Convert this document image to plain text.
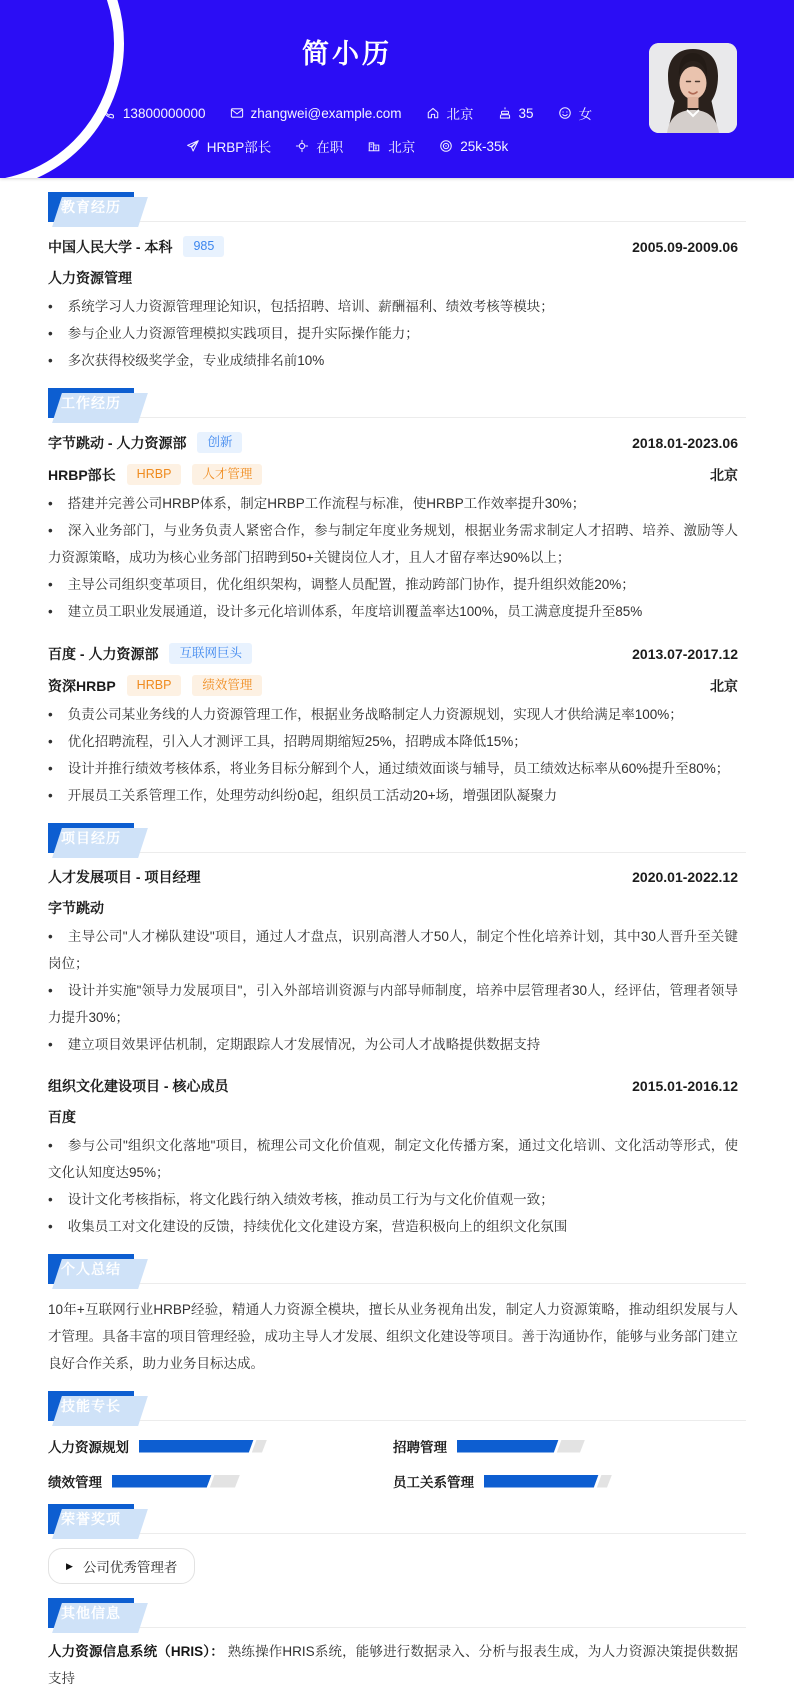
简小历
13800000000	zhangwei@example.com	北京	35	女
HRBP部长	在职	北京	25k-35k
教育经历
中国人民大学 - 本科	985	2005.09-2009.06
人力资源管理
• 系统学习人力资源管理理论知识，包括招聘、培训、薪酬福利、绩效考核等模块；
• 参与企业人力资源管理模拟实践项目，提升实际操作能力；
• 多次获得校级奖学金，专业成绩排名前10%
工作经历
字节跳动 - 人力资源部	创新	2018.01-2023.06
HRBP部长	HRBP	人才管理	北京
• 搭建并完善公司HRBP体系，制定HRBP工作流程与标准，使HRBP工作效率提升30%；
• 深入业务部门，与业务负责人紧密合作，参与制定年度业务规划，根据业务需求制定人才招聘、培养、激励等人力资源策略，成功为核心业务部门招聘到50+关键岗位人才，且人才留存率达90%以上；
• 主导公司组织变革项目，优化组织架构，调整人员配置，推动跨部门协作，提升组织效能20%；
• 建立员工职业发展通道，设计多元化培训体系，年度培训覆盖率达100%，员工满意度提升至85%
百度 - 人力资源部	互联网巨头	2013.07-2017.12
资深HRBP	HRBP	绩效管理	北京
• 负责公司某业务线的人力资源管理工作，根据业务战略制定人力资源规划，实现人才供给满足率100%；
• 优化招聘流程，引入人才测评工具，招聘周期缩短25%，招聘成本降低15%；
• 设计并推行绩效考核体系，将业务目标分解到个人，通过绩效面谈与辅导，员工绩效达标率从60%提升至80%；
• 开展员工关系管理工作，处理劳动纠纷0起，组织员工活动20+场，增强团队凝聚力
项目经历
人才发展项目 - 项目经理	2020.01-2022.12
字节跳动
• 主导公司"人才梯队建设"项目，通过人才盘点，识别高潜人才50人，制定个性化培养计划，其中30人晋升至关键岗位；
• 设计并实施"领导力发展项目"，引入外部培训资源与内部导师制度，培养中层管理者30人，经评估，管理者领导力提升30%；
• 建立项目效果评估机制，定期跟踪人才发展情况，为公司人才战略提供数据支持
组织文化建设项目 - 核心成员	2015.01-2016.12
百度
• 参与公司"组织文化落地"项目，梳理公司文化价值观，制定文化传播方案，通过文化培训、文化活动等形式，使文化认知度达95%；
• 设计文化考核指标，将文化践行纳入绩效考核，推动员工行为与文化价值观一致；
• 收集员工对文化建设的反馈，持续优化文化建设方案，营造积极向上的组织文化氛围
个人总结
10年+互联网行业HRBP经验，精通人力资源全模块，擅长从业务视角出发，制定人力资源策略，推动组织发展与人才管理。具备丰富的项目管理经验，成功主导人才发展、组织文化建设等项目。善于沟通协作，能够与业务部门建立良好合作关系，助力业务目标达成。
技能专长
人力资源规划	招聘管理
绩效管理	员工关系管理
荣誉奖项
▶ 公司优秀管理者
其他信息
人力资源信息系统（HRIS）： 熟练操作HRIS系统，能够进行数据录入、分析与报表生成，为人力资源决策提供数据支持
